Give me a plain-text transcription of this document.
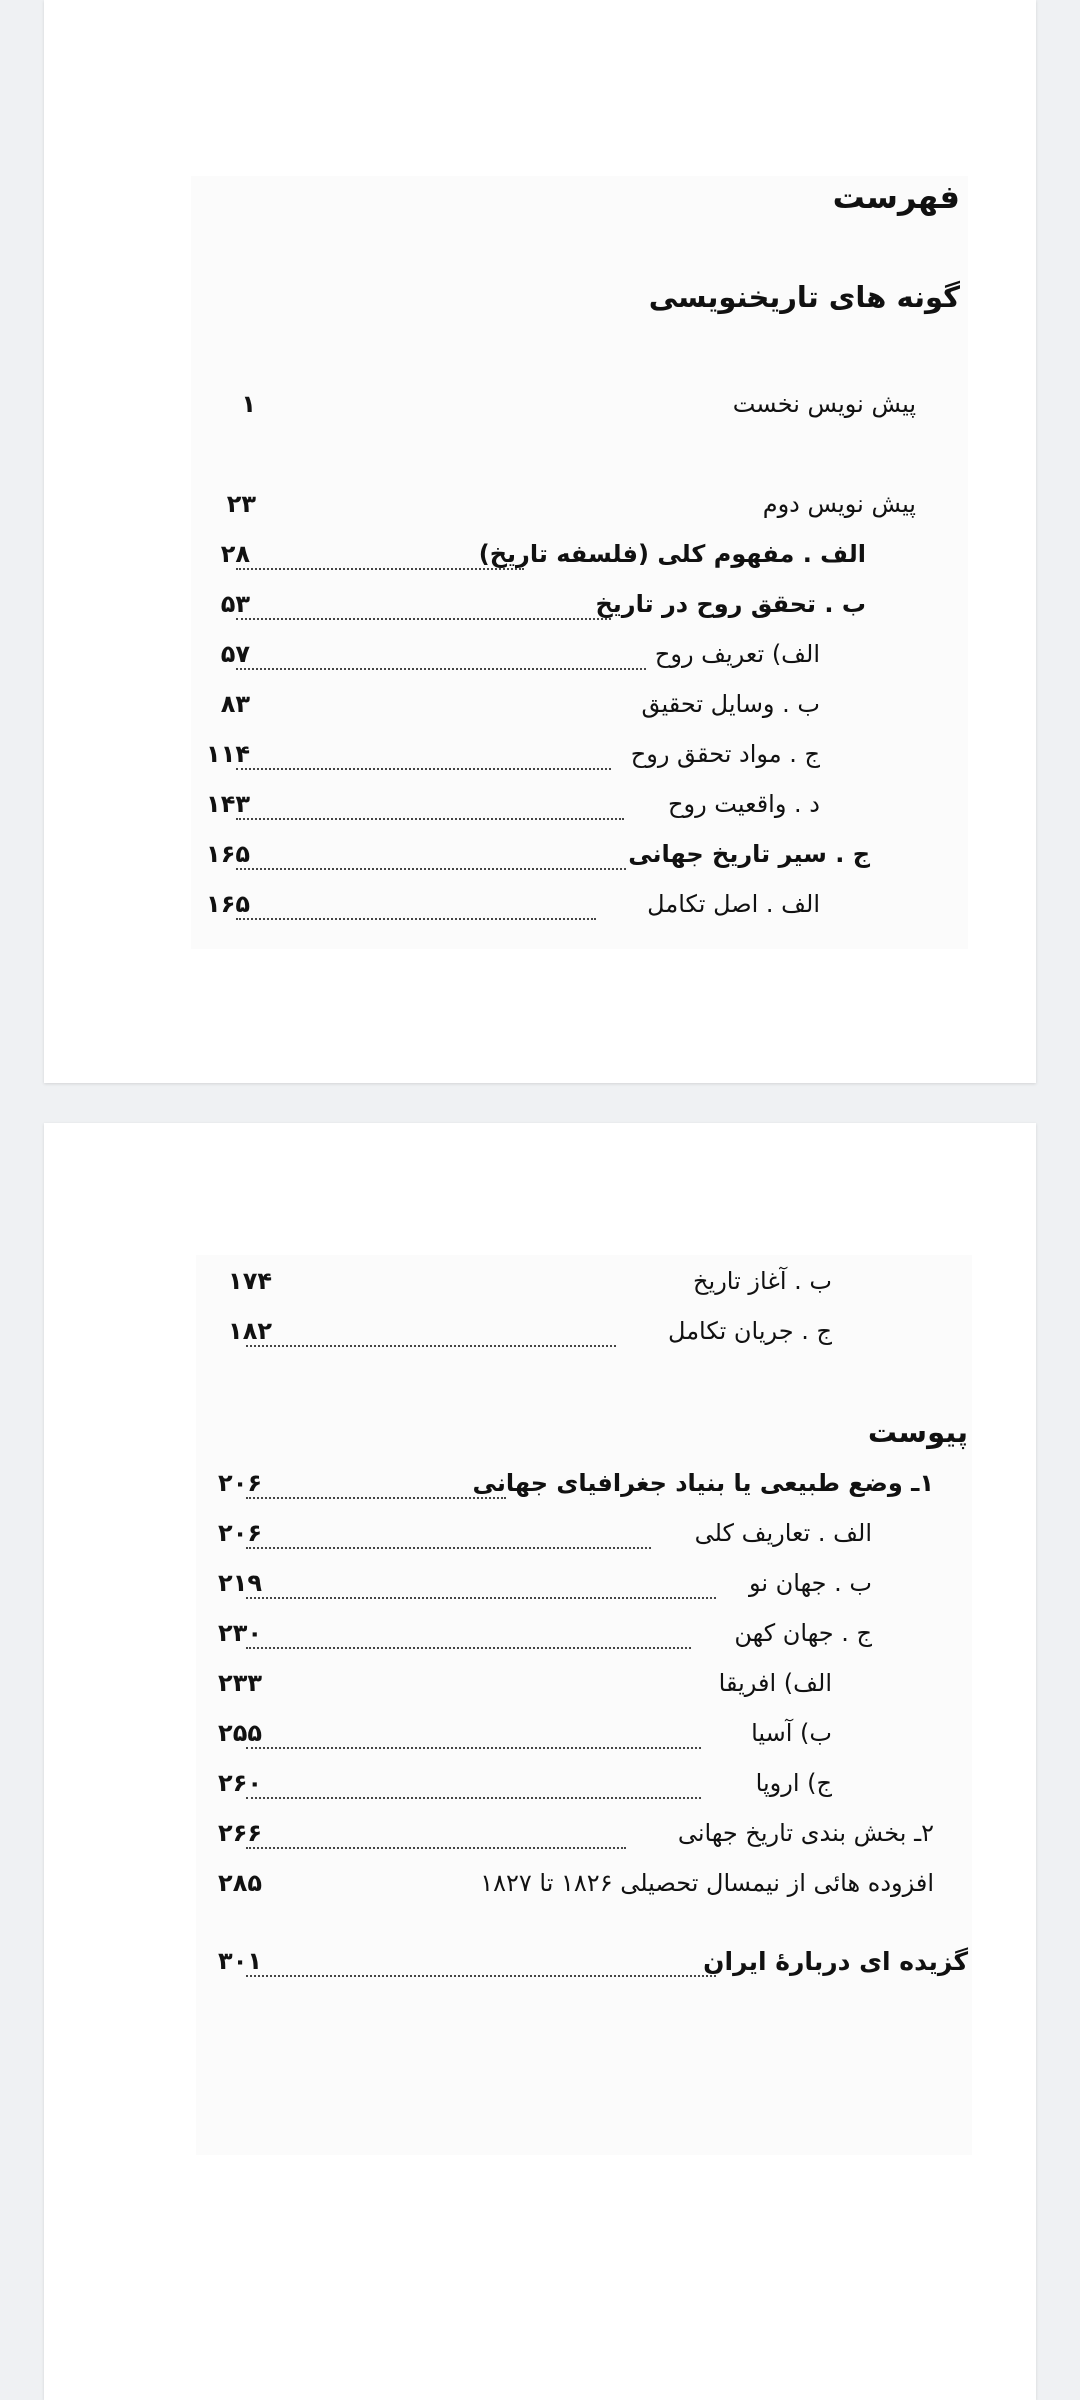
فهرست
گونه های تاریخنویسی
پیش نویس نخست
۱
پیش نویس دوم
۲۳
الف . مفهوم کلی (فلسفه تاریخ)
۲۸
ب . تحقق روح در تاریخ
۵۳
الف) تعریف روح
۵۷
ب . وسایل تحقیق
۸۳
ج . مواد تحقق روح
۱۱۴
د . واقعیت روح
۱۴۳
ج . سیر تاریخ جهانی
۱۶۵
الف . اصل تکامل
۱۶۵
ب . آغاز تاریخ
۱۷۴
ج . جریان تکامل
۱۸۲
پیوست
۱ـ وضع طبیعی یا بنیاد جغرافیای جهانی
۲۰۶
الف . تعاریف کلی
۲۰۶
ب . جهان نو
۲۱۹
ج . جهان کهن
۲۳۰
الف) افریقا
۲۳۳
ب) آسیا
۲۵۵
ج) اروپا
۲۶۰
۲ـ بخش بندی تاریخ جهانی
۲۶۶
افزوده هائی از نیمسال تحصیلی ۱۸۲۶ تا ۱۸۲۷
۲۸۵
گزیده ای دربارهٔ ایران
۳۰۱
